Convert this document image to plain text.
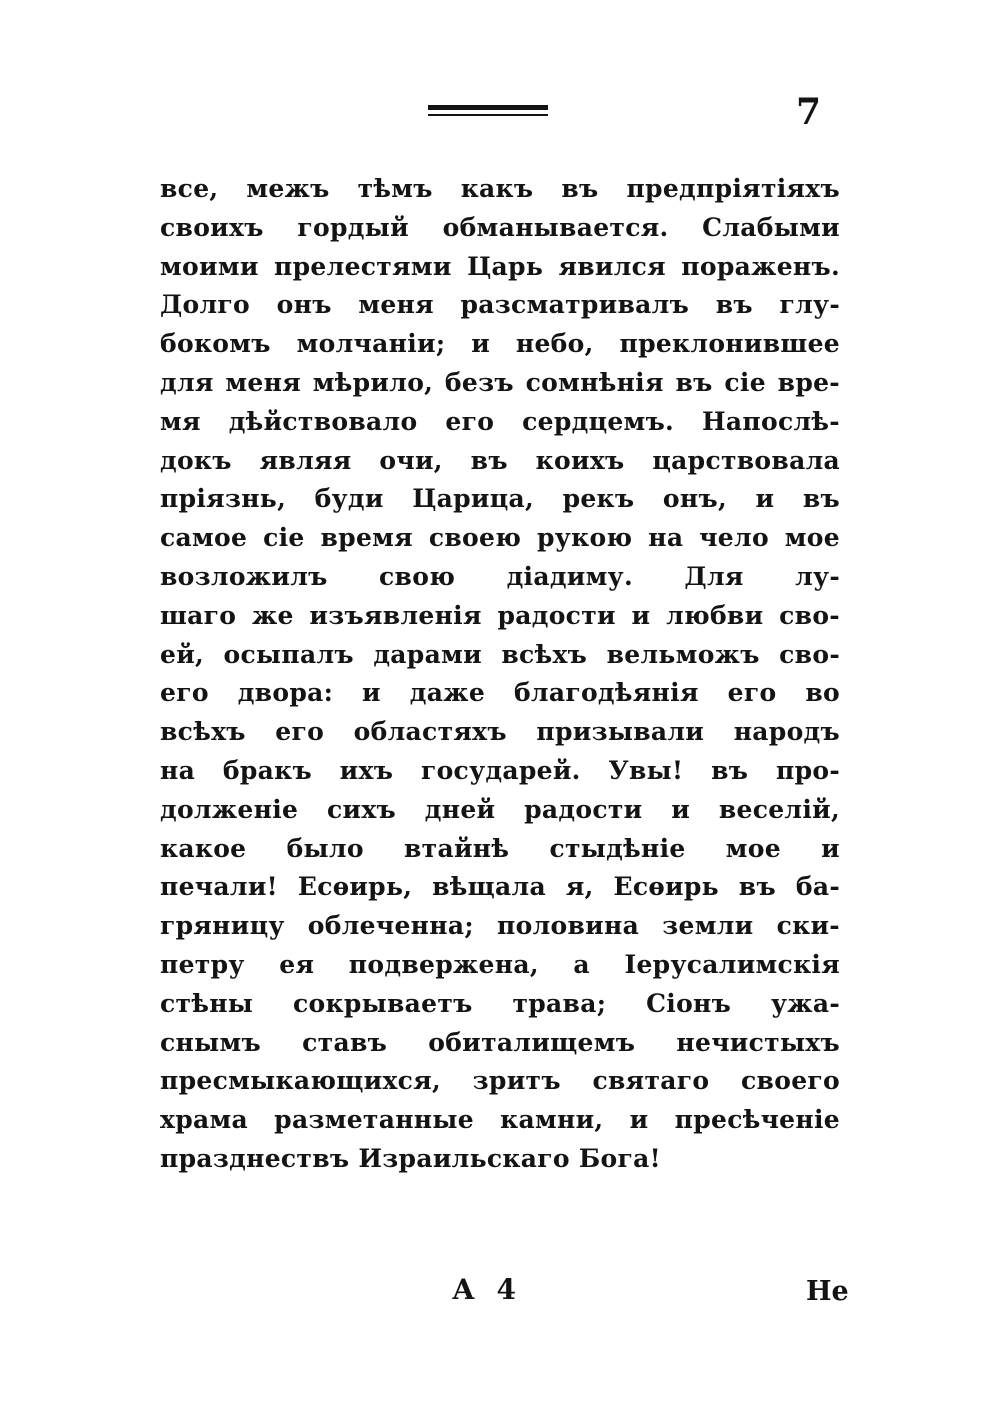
7
все, межъ тѣмъ какъ въ предпріятіяхъ
своихъ гордый обманывается. Слабыми
моими прелестями Царь явился пораженъ.
Долго онъ меня разсматривалъ въ глу-
бокомъ молчаніи; и небо, преклонившее
для меня мѣрило, безъ сомнѣнія въ сіе вре-
мя дѣйствовало его сердцемъ. Напослѣ-
докъ являя очи, въ коихъ царствовала
пріязнь, буди Царица, рекъ онъ, и въ
самое сіе время своею рукою на чело мое
возложилъ свою діадиму. Для лу-
шаго же изъявленія радости и любви сво-
ей, осыпалъ дарами всѣхъ вельможъ сво-
его двора: и даже благодѣянія его во
всѣхъ его областяхъ призывали народъ
на бракъ ихъ государей. Увы! въ про-
долженіе сихъ дней радости и веселій,
какое было втайнѣ стыдѣніе мое и
печали! Есѳирь, вѣщала я, Есѳирь въ ба-
гряницу облеченна; половина земли ски-
петру ея подвержена, а Іерусалимскія
стѣны сокрываетъ трава; Сіонъ ужа-
снымъ ставъ обиталищемъ нечистыхъ
пресмыкающихся, зритъ святаго своего
храма разметанные камни, и пресѣченіе
празднествъ Израильскаго Бога!
А 4	Не
